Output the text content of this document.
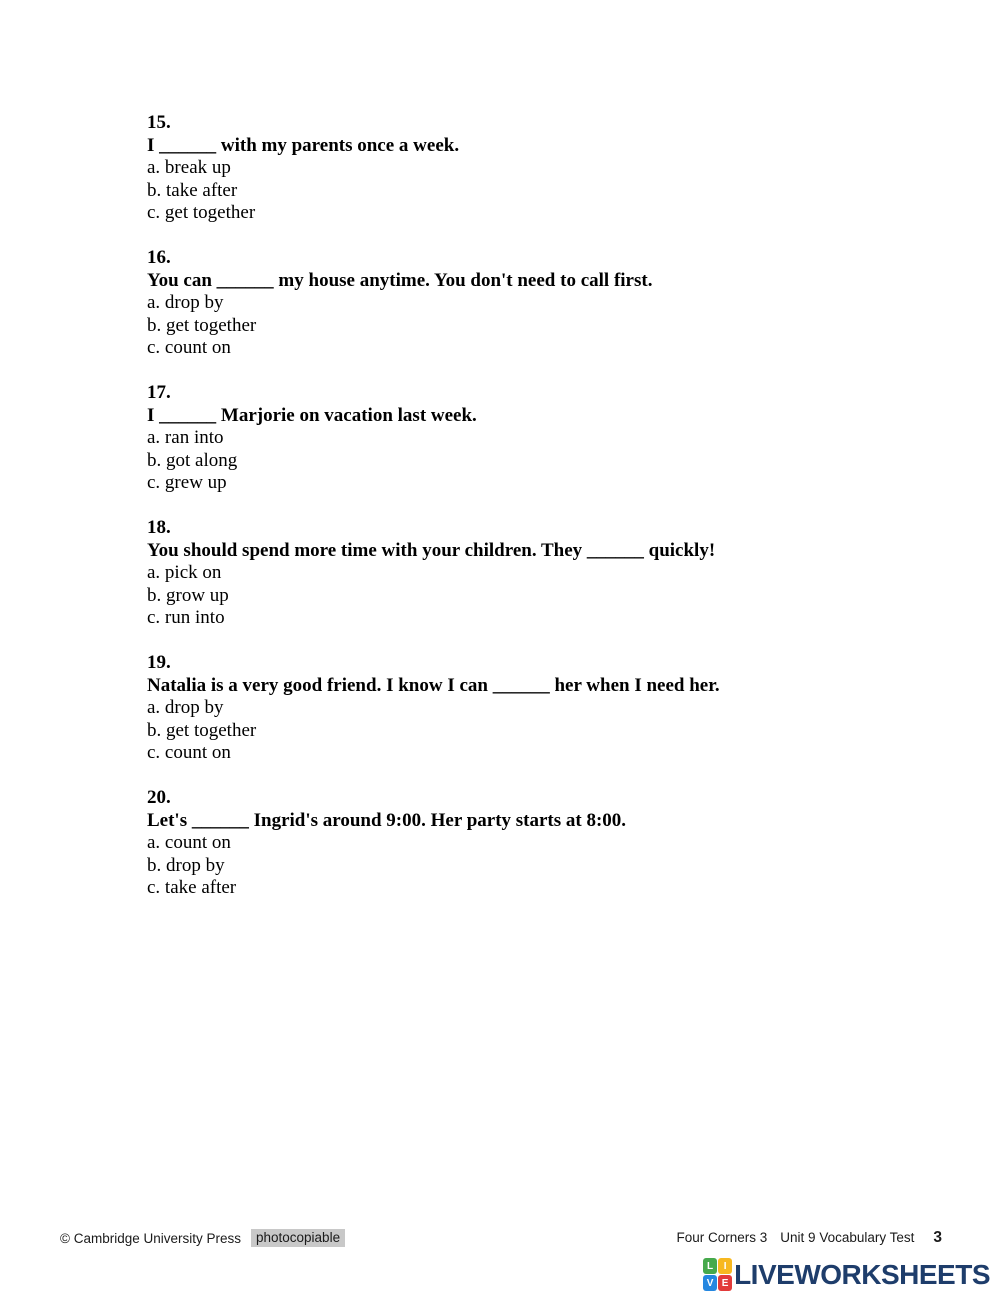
15.
I ______ with my parents once a week.
a. break up
b. take after
c. get together
16.
You can ______ my house anytime. You don't need to call first.
a. drop by
b. get together
c. count on
17.
I ______ Marjorie on vacation last week.
a. ran into
b. got along
c. grew up
18.
You should spend more time with your children. They ______ quickly!
a. pick on
b. grow up
c. run into
19.
Natalia is a very good friend. I know I can ______ her when I need her.
a. drop by
b. get together
c. count on
20.
Let's ______ Ingrid's around 9:00. Her party starts at 8:00.
a. count on
b. drop by
c. take after
© Cambridge University Press	photocopiable	Four Corners 3 Unit 9 Vocabulary Test 3
L	I
V E LIVEWORKSHEETS
